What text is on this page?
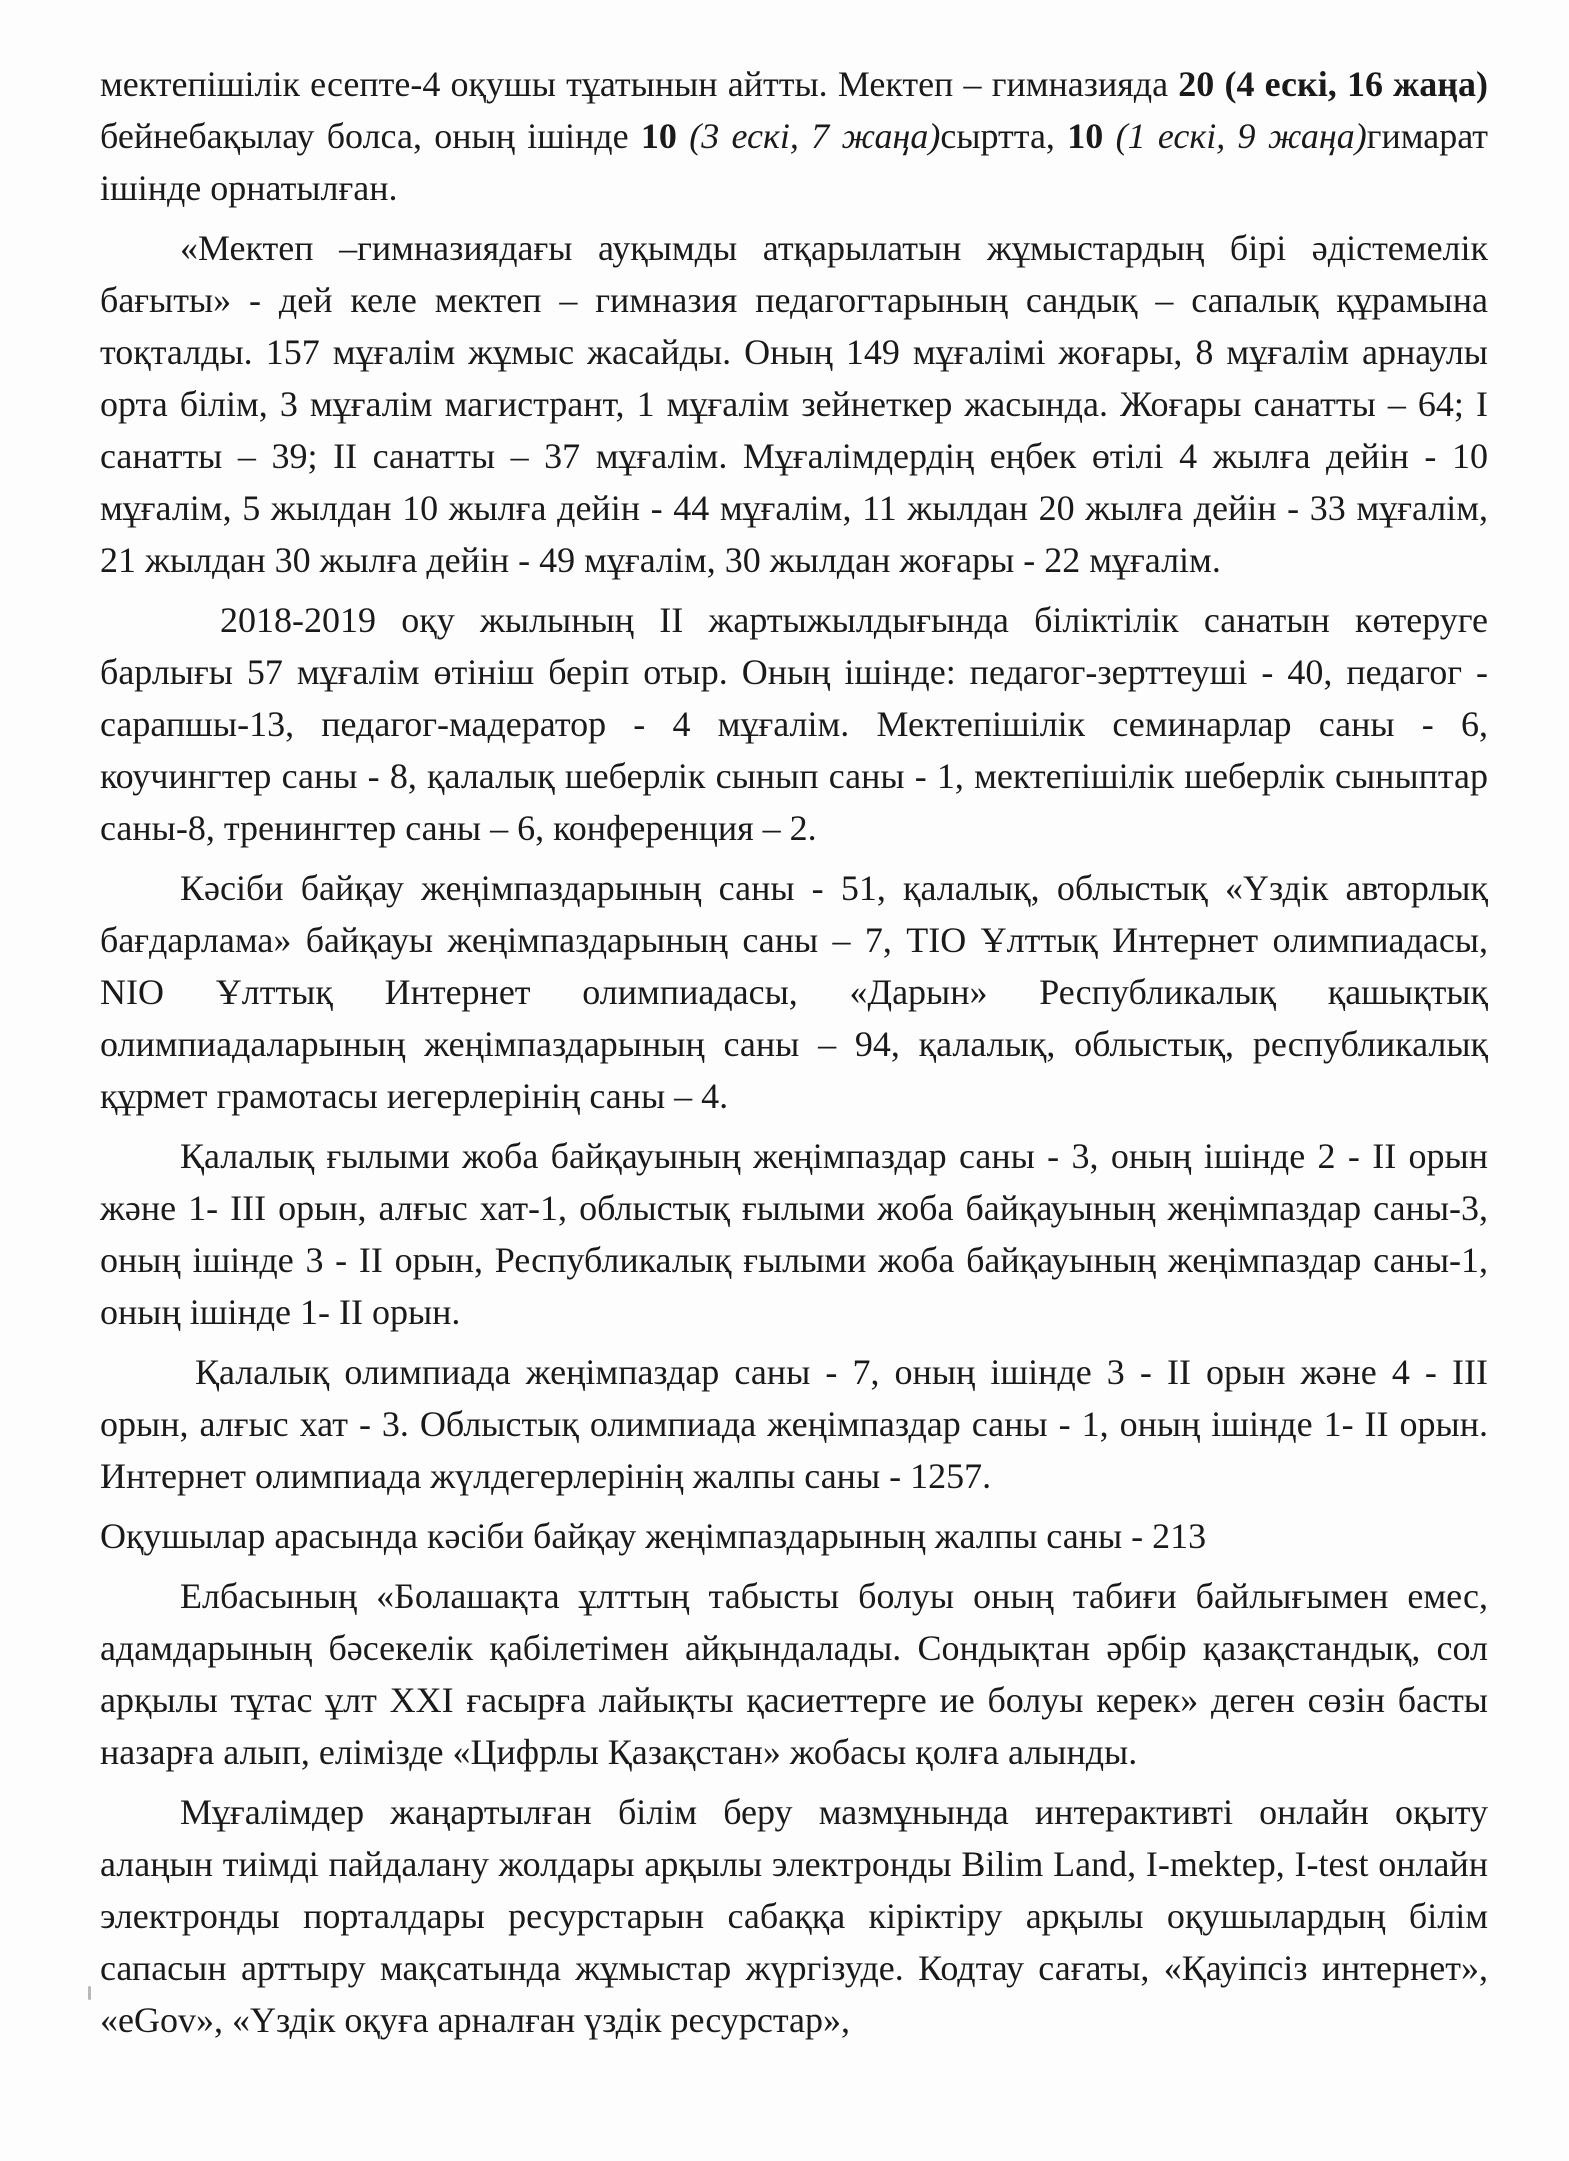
мектепішілік есепте-4 оқушы тұатынын айтты. Мектеп – гимназияда 20 (4 ескі, 16 жаңа) бейнебақылау болса, оның ішінде 10 (3 ескі, 7 жаңа)сыртта, 10 (1 ескі, 9 жаңа)гимарат ішінде орнатылған.

«Мектеп –гимназиядағы ауқымды атқарылатын жұмыстардың бірі әдістемелік бағыты» - дей келе мектеп – гимназия педагогтарының сандық – сапалық құрамына тоқталды. 157 мұғалім жұмыс жасайды. Оның 149 мұғалімі жоғары, 8 мұғалім арнаулы орта білім, 3 мұғалім магистрант, 1 мұғалім зейнеткер жасында. Жоғары санатты – 64; І санатты – 39; ІІ санатты – 37 мұғалім. Мұғалімдердің еңбек өтілі 4 жылға дейін - 10 мұғалім, 5 жылдан 10 жылға дейін - 44 мұғалім, 11 жылдан 20 жылға дейін - 33 мұғалім, 21 жылдан 30 жылға дейін - 49 мұғалім, 30 жылдан жоғары - 22 мұғалім.

2018-2019 оқу жылының ІІ жартыжылдығында біліктілік санатын көтеруге барлығы 57 мұғалім өтініш беріп отыр. Оның ішінде: педагог-зерттеуші - 40, педагог - сарапшы-13, педагог-мадератор - 4 мұғалім. Мектепішілік семинарлар саны - 6, коучингтер саны - 8, қалалық шеберлік сынып саны - 1, мектепішілік шеберлік сыныптар саны-8, тренингтер саны – 6, конференция – 2.

Кәсіби байқау жеңімпаздарының саны - 51, қалалық, облыстық «Үздік авторлық бағдарлама» байқауы жеңімпаздарының саны – 7, ТІО Ұлттық Интернет олимпиадасы, NIO Ұлттық Интернет олимпиадасы, «Дарын» Республикалық қашықтық олимпиадаларының жеңімпаздарының саны – 94, қалалық, облыстық, республикалық құрмет грамотасы иегерлерінің саны – 4.

Қалалық ғылыми жоба байқауының жеңімпаздар саны - 3, оның ішінде 2 - ІІ орын және 1- ІІІ орын, алғыс хат-1, облыстық ғылыми жоба байқауының жеңімпаздар саны-3, оның ішінде 3 - ІІ орын, Республикалық ғылыми жоба байқауының жеңімпаздар саны-1, оның ішінде 1- ІІ орын.

Қалалық олимпиада жеңімпаздар саны - 7, оның ішінде 3 - ІІ орын және 4 - ІІІ орын, алғыс хат - 3. Облыстық олимпиада жеңімпаздар саны - 1, оның ішінде 1- ІІ орын. Интернет олимпиада жүлдегерлерінің жалпы саны - 1257.

Оқушылар арасында кәсіби байқау жеңімпаздарының жалпы саны - 213

Елбасының «Болашақта ұлттың табысты болуы оның табиғи байлығымен емес, адамдарының бәсекелік қабілетімен айқындалады. Сондықтан әрбір қазақстандық, сол арқылы тұтас ұлт ХХІ ғасырға лайықты қасиеттерге ие болуы керек» деген сөзін басты назарға алып, елімізде «Цифрлы Қазақстан» жобасы қолға алынды.

Мұғалімдер жаңартылған білім беру мазмұнында интерактивті онлайн оқыту алаңын тиімді пайдалану жолдары арқылы электронды Bilim Land, I-mektep, I-test онлайн электронды порталдары ресурстарын сабаққа кіріктіру арқылы оқушылардың білім сапасын арттыру мақсатында жұмыстар жүргізуде. Кодтау сағаты, «Қауіпсіз интернет», «eGov», «Үздік оқуға арналған үздік ресурстар»,
